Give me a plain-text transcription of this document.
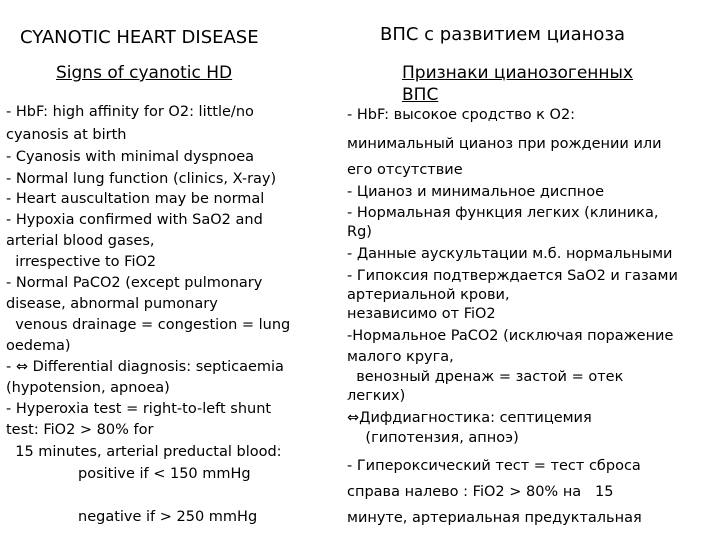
CYANOTIC HEART DISEASE
Signs of cyanotic HD
- HbF: high affinity for O2: little/no
cyanosis at birth
- Cyanosis with minimal dyspnoea
- Normal lung function (clinics, X-ray)
- Heart auscultation may be normal
- Hypoxia confirmed with SaO2 and
arterial blood gases,
irrespective to FiO2
- Normal PaCO2 (except pulmonary
disease, abnormal pumonary
venous drainage = congestion = lung
oedema)
- ⇔ Differential diagnosis: septicaemia
(hypotension, apnoea)
- Hyperoxia test = right-to-left shunt
test: FiO2 > 80% for
15 minutes, arterial preductal blood:
positive if < 150 mmHg
negative if > 250 mmHg
ВПС с развитием цианоза
Признаки цианозогенных
ВПС
- HbF: высокое сродство к О2:
минимальный цианоз при рождении или
его отсутствие
- Цианоз и минимальное диспное
- Нормальная функция легких (клиника,
Rg)
- Данные аускультации м.б. нормальными
- Гипоксия подтверждается SaO2 и газами
артериальной крови,
независимо от FiO2
-Нормальное PaCO2 (исключая поражение
малого круга,
венозный дренаж = застой = отек
легких)
⇔Дифдиагностика: септицемия
(гипотензия, апноэ)
- Гипероксический тест = тест сброса
справа налево : FiO2 > 80% на   15
минуте, артериальная предуктальная
